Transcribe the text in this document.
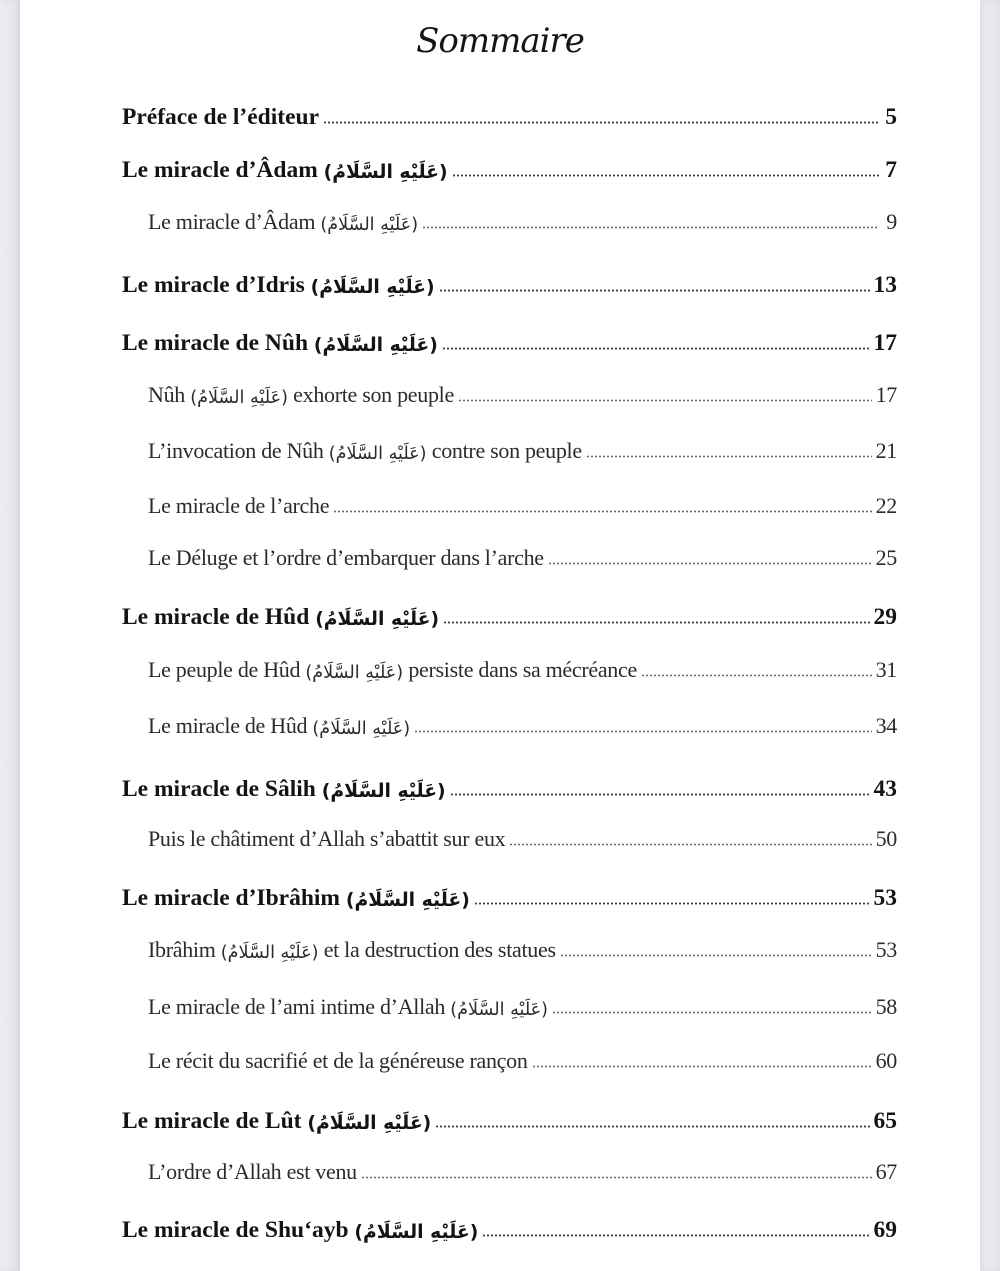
Sommaire
Préface de l’éditeur	5
Le miracle d’Âdam (عَلَيْهِ السَّلَامُ)	7
Le miracle d’Âdam (عَلَيْهِ السَّلَامُ)	9
Le miracle d’Idris (عَلَيْهِ السَّلَامُ)	13
Le miracle de Nûh (عَلَيْهِ السَّلَامُ)	17
Nûh (عَلَيْهِ السَّلَامُ) exhorte son peuple	17
L’invocation de Nûh (عَلَيْهِ السَّلَامُ) contre son peuple	21
Le miracle de l’arche	22
Le Déluge et l’ordre d’embarquer dans l’arche	25
Le miracle de Hûd (عَلَيْهِ السَّلَامُ)	29
Le peuple de Hûd (عَلَيْهِ السَّلَامُ) persiste dans sa mécréance	31
Le miracle de Hûd (عَلَيْهِ السَّلَامُ)	34
Le miracle de Sâlih (عَلَيْهِ السَّلَامُ)	43
Puis le châtiment d’Allah s’abattit sur eux	50
Le miracle d’Ibrâhim (عَلَيْهِ السَّلَامُ)	53
Ibrâhim (عَلَيْهِ السَّلَامُ) et la destruction des statues	53
Le miracle de l’ami intime d’Allah (عَلَيْهِ السَّلَامُ)	58
Le récit du sacrifié et de la généreuse rançon	60
Le miracle de Lût (عَلَيْهِ السَّلَامُ)	65
L’ordre d’Allah est venu	67
Le miracle de Shu‘ayb (عَلَيْهِ السَّلَامُ)	69
